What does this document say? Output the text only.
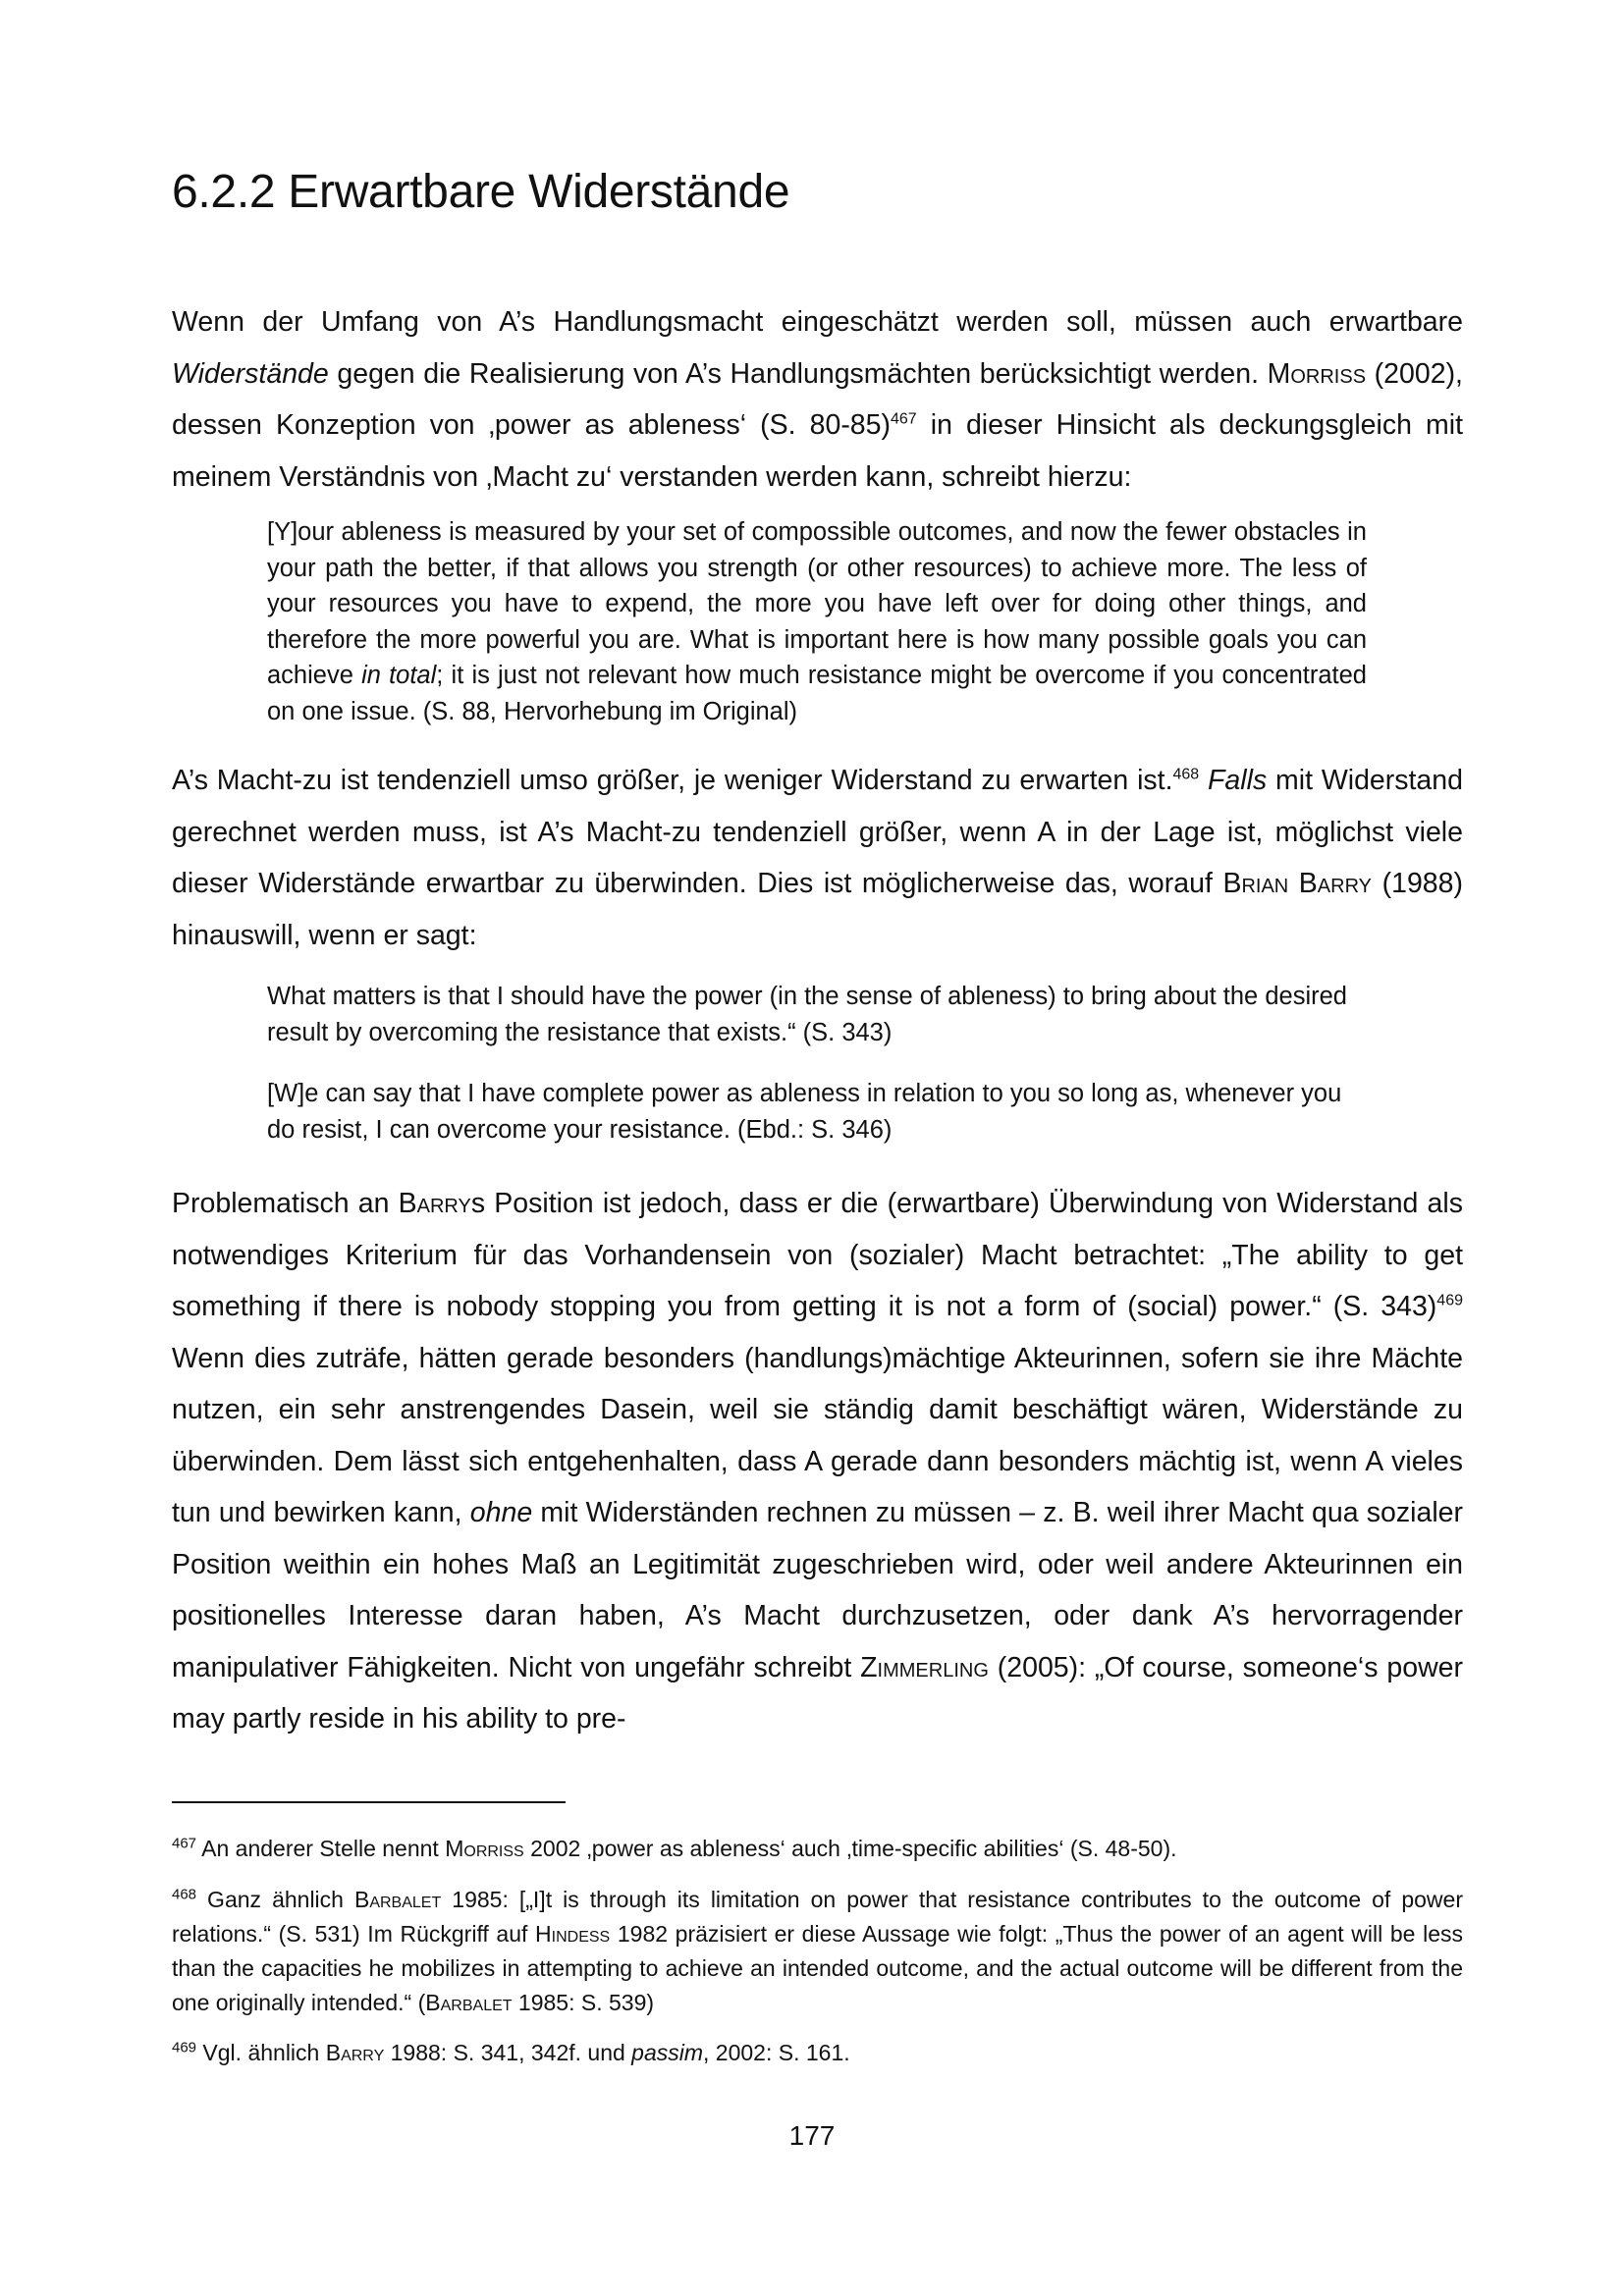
6.2.2 Erwartbare Widerstände

Wenn der Umfang von A’s Handlungsmacht eingeschätzt werden soll, müssen auch erwartbare Widerstände gegen die Realisierung von A’s Handlungsmächten berücksichtigt werden. Morriss (2002), dessen Konzeption von ‚power as ableness‘ (S. 80-85)$^{467}$ in dieser Hinsicht als deckungsgleich mit meinem Verständnis von ‚Macht zu‘ verstanden werden kann, schreibt hierzu:

[Y]our ableness is measured by your set of compossible outcomes, and now the fewer obstacles in your path the better, if that allows you strength (or other resources) to achieve more. The less of your resources you have to expend, the more you have left over for doing other things, and therefore the more powerful you are. What is important here is how many possible goals you can achieve in total; it is just not relevant how much resistance might be overcome if you concentrated on one issue. (S. 88, Hervorhebung im Original)

A’s Macht-zu ist tendenziell umso größer, je weniger Widerstand zu erwarten ist.$^{468}$ Falls mit Widerstand gerechnet werden muss, ist A’s Macht-zu tendenziell größer, wenn A in der Lage ist, möglichst viele dieser Widerstände erwartbar zu überwinden. Dies ist möglicherweise das, worauf Brian Barry (1988) hinauswill, wenn er sagt:

What matters is that I should have the power (in the sense of ableness) to bring about the desired result by overcoming the resistance that exists.“ (S. 343)

[W]e can say that I have complete power as ableness in relation to you so long as, whenever you do resist, I can overcome your resistance. (Ebd.: S. 346)

Problematisch an Barrys Position ist jedoch, dass er die (erwartbare) Überwindung von Widerstand als notwendiges Kriterium für das Vorhandensein von (sozialer) Macht betrachtet: „The ability to get something if there is nobody stopping you from getting it is not a form of (social) power.“ (S. 343)$^{469}$ Wenn dies zuträfe, hätten gerade besonders (handlungs)mächtige Akteurinnen, sofern sie ihre Mächte nutzen, ein sehr anstrengendes Dasein, weil sie ständig damit beschäftigt wären, Widerstände zu überwinden. Dem lässt sich entgehenhalten, dass A gerade dann besonders mächtig ist, wenn A vieles tun und bewirken kann, ohne mit Widerständen rechnen zu müssen – z. B. weil ihrer Macht qua sozialer Position weithin ein hohes Maß an Legitimität zugeschrieben wird, oder weil andere Akteurinnen ein positionelles Interesse daran haben, A’s Macht durchzusetzen, oder dank A’s hervorragender manipulativer Fähigkeiten. Nicht von ungefähr schreibt Zimmerling (2005): „Of course, someone‘s power may partly reside in his ability to pre-

$^{467}$ An anderer Stelle nennt Morriss 2002 ‚power as ableness‘ auch ‚time-specific abilities‘ (S. 48-50).

$^{468}$ Ganz ähnlich Barbalet 1985: [„I]t is through its limitation on power that resistance contributes to the outcome of power relations.“ (S. 531) Im Rückgriff auf Hindess 1982 präzisiert er diese Aussage wie folgt: „Thus the power of an agent will be less than the capacities he mobilizes in attempting to achieve an intended outcome, and the actual outcome will be different from the one originally intended.“ (Barbalet 1985: S. 539)

$^{469}$ Vgl. ähnlich Barry 1988: S. 341, 342f. und passim, 2002: S. 161.

177
